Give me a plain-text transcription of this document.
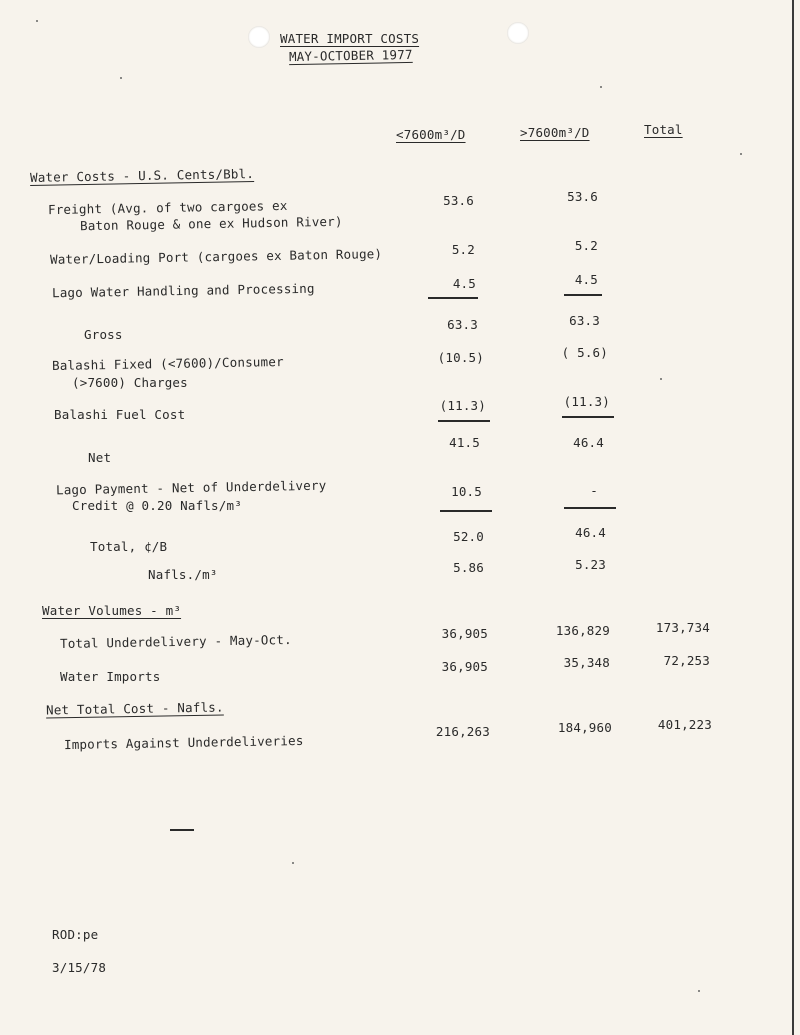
WATER IMPORT COSTS
MAY-OCTOBER 1977
<7600m³/D	>7600m³/D	Total
Water Costs - U.S. Cents/Bbl.
Freight (Avg. of two cargoes ex
Baton Rouge & one ex Hudson River)
53.6	53.6
Water/Loading Port (cargoes ex Baton Rouge)	5.2	5.2
Lago Water Handling and Processing	4.5	4.5
Gross
63.3	63.3
Balashi Fixed (<7600)/Consumer
(>7600) Charges
(10.5)	( 5.6)
Balashi Fuel Cost
(11.3)	(11.3)
Net
41.5	46.4
Lago Payment - Net of Underdelivery
Credit @ 0.20 Nafls/m³
10.5	-
Total, ¢/B
52.0	46.4
Nafls./m³	5.86	5.23
Water Volumes - m³
Total Underdelivery - May-Oct.	36,905	136,829	173,734
Water Imports
36,905	35,348	72,253
Net Total Cost - Nafls.
Imports Against Underdeliveries
216,263	184,960	401,223
ROD:pe
3/15/78
